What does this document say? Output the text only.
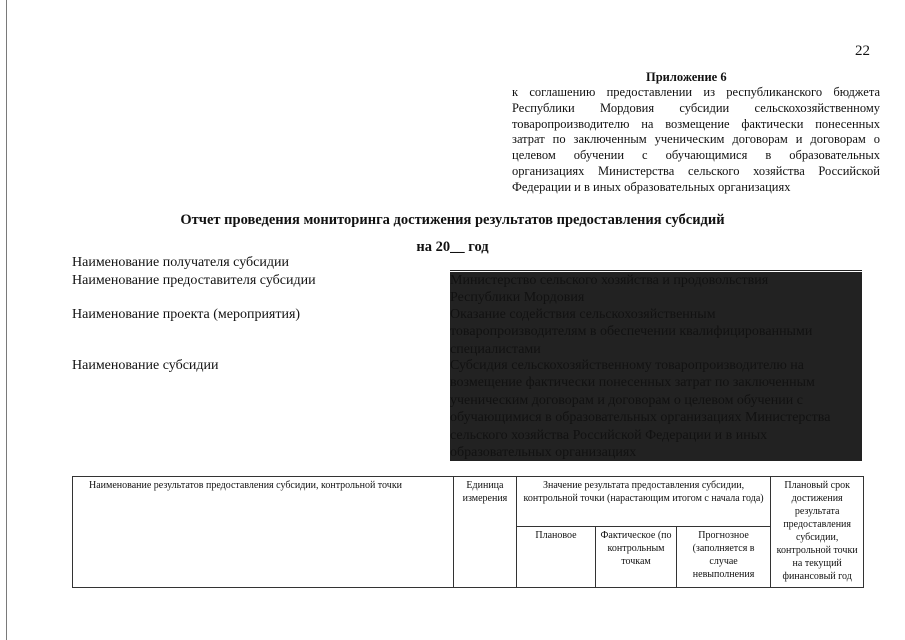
22
Приложение 6
к соглашению предоставлении из республиканского бюджета Республики Мордовия субсидии сельскохозяйственному товаропроизводителю на возмещение фактически понесенных затрат по заключенным ученическим договорам и договорам о целевом обучении с обучающимися в образовательных организациях Министерства сельского хозяйства Российской Федерации и в иных образовательных организациях
Отчет проведения мониторинга достижения результатов предоставления субсидий
на 20__ год
Наименование получателя субсидии
Наименование предоставителя субсидии	Министерство сельского хозяйства и продовольствия
Республики Мордовия
Наименование проекта (мероприятия)	Оказание содействия сельскохозяйственным
товаропроизводителям в обеспечении квалифицированными
специалистами
Наименование субсидии	Субсидия сельскохозяйственному товаропроизводителю на
возмещение фактически понесенных затрат по заключенным
ученическим договорам и договорам о целевом обучении с
обучающимися в образовательных организациях Министерства
сельского хозяйства Российской Федерации и в иных
образовательных организациях
Наименование результатов предоставления субсидии, контрольной точки	Единица измерения	Значение результата предоставления субсидии, контрольной точки (нарастающим итогом с начала года)			Плановый срок достижения результата предоставления субсидии, контрольной точки на текущий финансовый год
		Плановое	Фактическое (по контрольным точкам	Прогнозное (заполняется в случае невыполнения	
